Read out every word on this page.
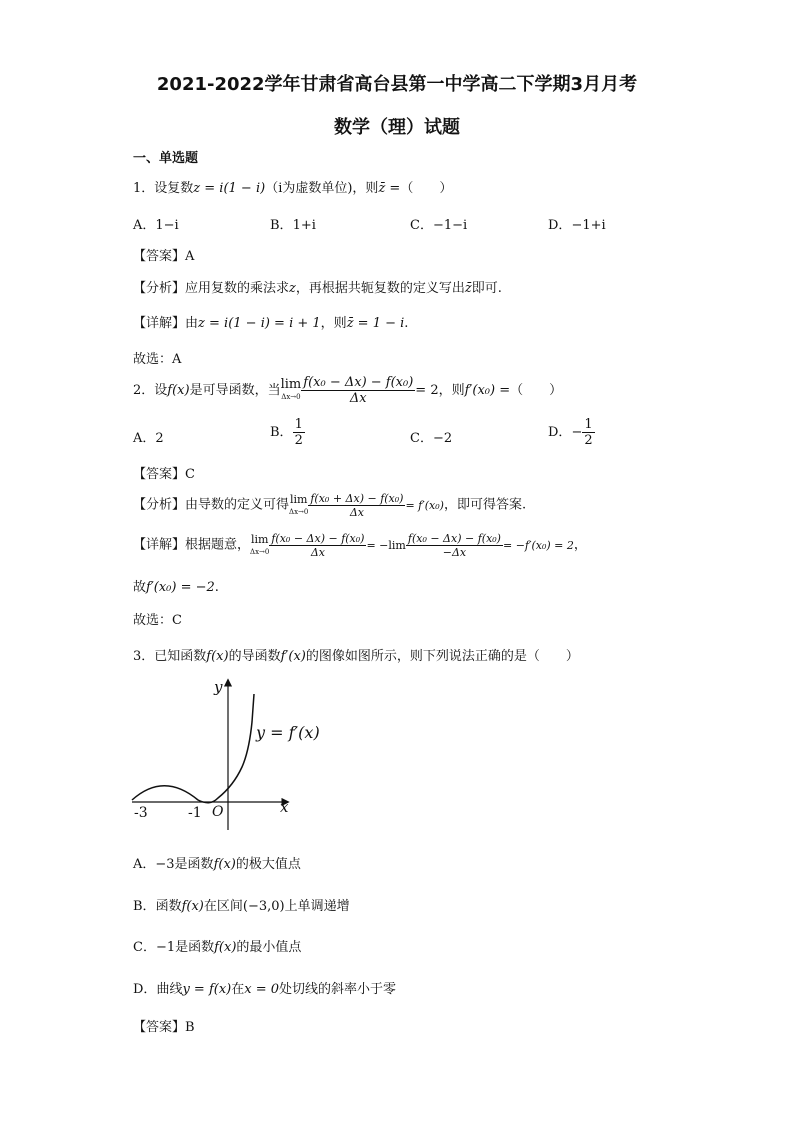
2021-2022学年甘肃省高台县第一中学高二下学期3月月考
数学（理）试题
一、单选题
1．设复数z = i(1 − i)（i为虚数单位)，则z̄ =（　　）
A．1−i	B．1+i	C．−1−i	D．−1+i
【答案】A
【分析】应用复数的乘法求z，再根据共轭复数的定义写出z̄即可.
【详解】由z = i(1 − i) = i + 1，则z̄ = 1 − i.
故选：A
2．设f(x)是可导函数，当lim
$\Delta x\to 0 \frac{\text{f(x₀ − Δx) − f(x₀)}}{\Delta x} = 2$，则f′(x₀) =（　　）
A．2	B． $\frac{1}{2}$	C．−2	D．− $\frac{1}{2}$
【答案】C
【分析】由导数的定义可得lim
$\Delta x\to 0 \frac{\text{f(x₀ + Δx) − f(x₀)}}{\Delta x} = f'(x_0)$，即可得答案.
【详解】根据题意，lim
$\Delta x\to 0 \frac{\text{f(x₀ − Δx) − f(x₀)}}{\Delta x} = -\lim \frac{\text{f(x₀ − Δx) − f(x₀)}}{-\Delta x} = -f'(x_0) = 2$，
故f′(x₀) = −2.
故选：C
3．已知函数f(x)的导函数f′(x)的图像如图所示，则下列说法正确的是（　　）
y
x
y = f′(x)
O
-3	-1
A．−3是函数f(x)的极大值点
B．函数f(x)在区间(−3,0)上单调递增
C．−1是函数f(x)的最小值点
D．曲线y = f(x)在x = 0处切线的斜率小于零
【答案】B
